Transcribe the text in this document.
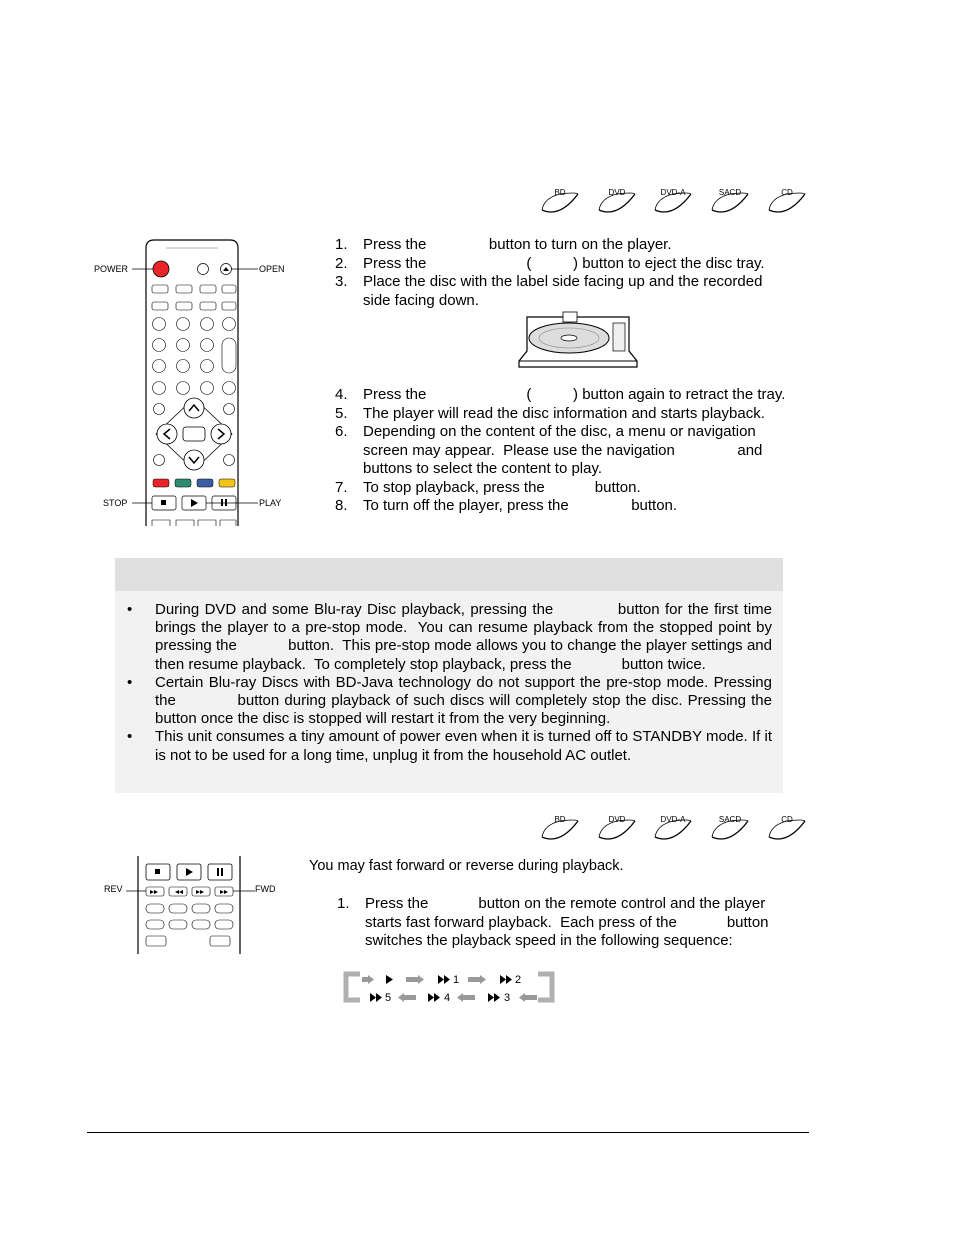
BD	DVD	DVD-A	SACD	CD
POWER	OPEN
STOP	PLAY
1. Press the               button to turn on the player.
2. Press the                        (          ) button to eject the disc tray.
3. Place the disc with the label side facing up and the recorded side facing down.
4. Press the                        (          ) button again to retract the tray.
5. The player will read the disc information and starts playback.
6. Depending on the content of the disc, a menu or navigation screen may appear.  Please use the navigation               and               buttons to select the content to play.
7. To stop playback, press the            button.
8. To turn off the player, press the               button.
• During DVD and some Blu-ray Disc playback, pressing the            button for the first time brings the player to a pre-stop mode.  You can resume playback from the stopped point by pressing the            button.  This pre-stop mode allows you to change the player settings and then resume playback.  To completely stop playback, press the            button twice.
• Certain Blu-ray Discs with BD-Java technology do not support the pre-stop mode. Pressing the            button during playback of such discs will completely stop the disc. Pressing the            button once the disc is stopped will restart it from the very beginning.
• This unit consumes a tiny amount of power even when it is turned off to STANDBY mode. If it is not to be used for a long time, unplug it from the household AC outlet.
BD	DVD	DVD-A	SACD	CD
REV	FWD
You may fast forward or reverse during playback.
1. Press the            button on the remote control and the player starts fast forward playback.  Each press of the            button switches the playback speed in the following sequence:
1	2
5	4	3
